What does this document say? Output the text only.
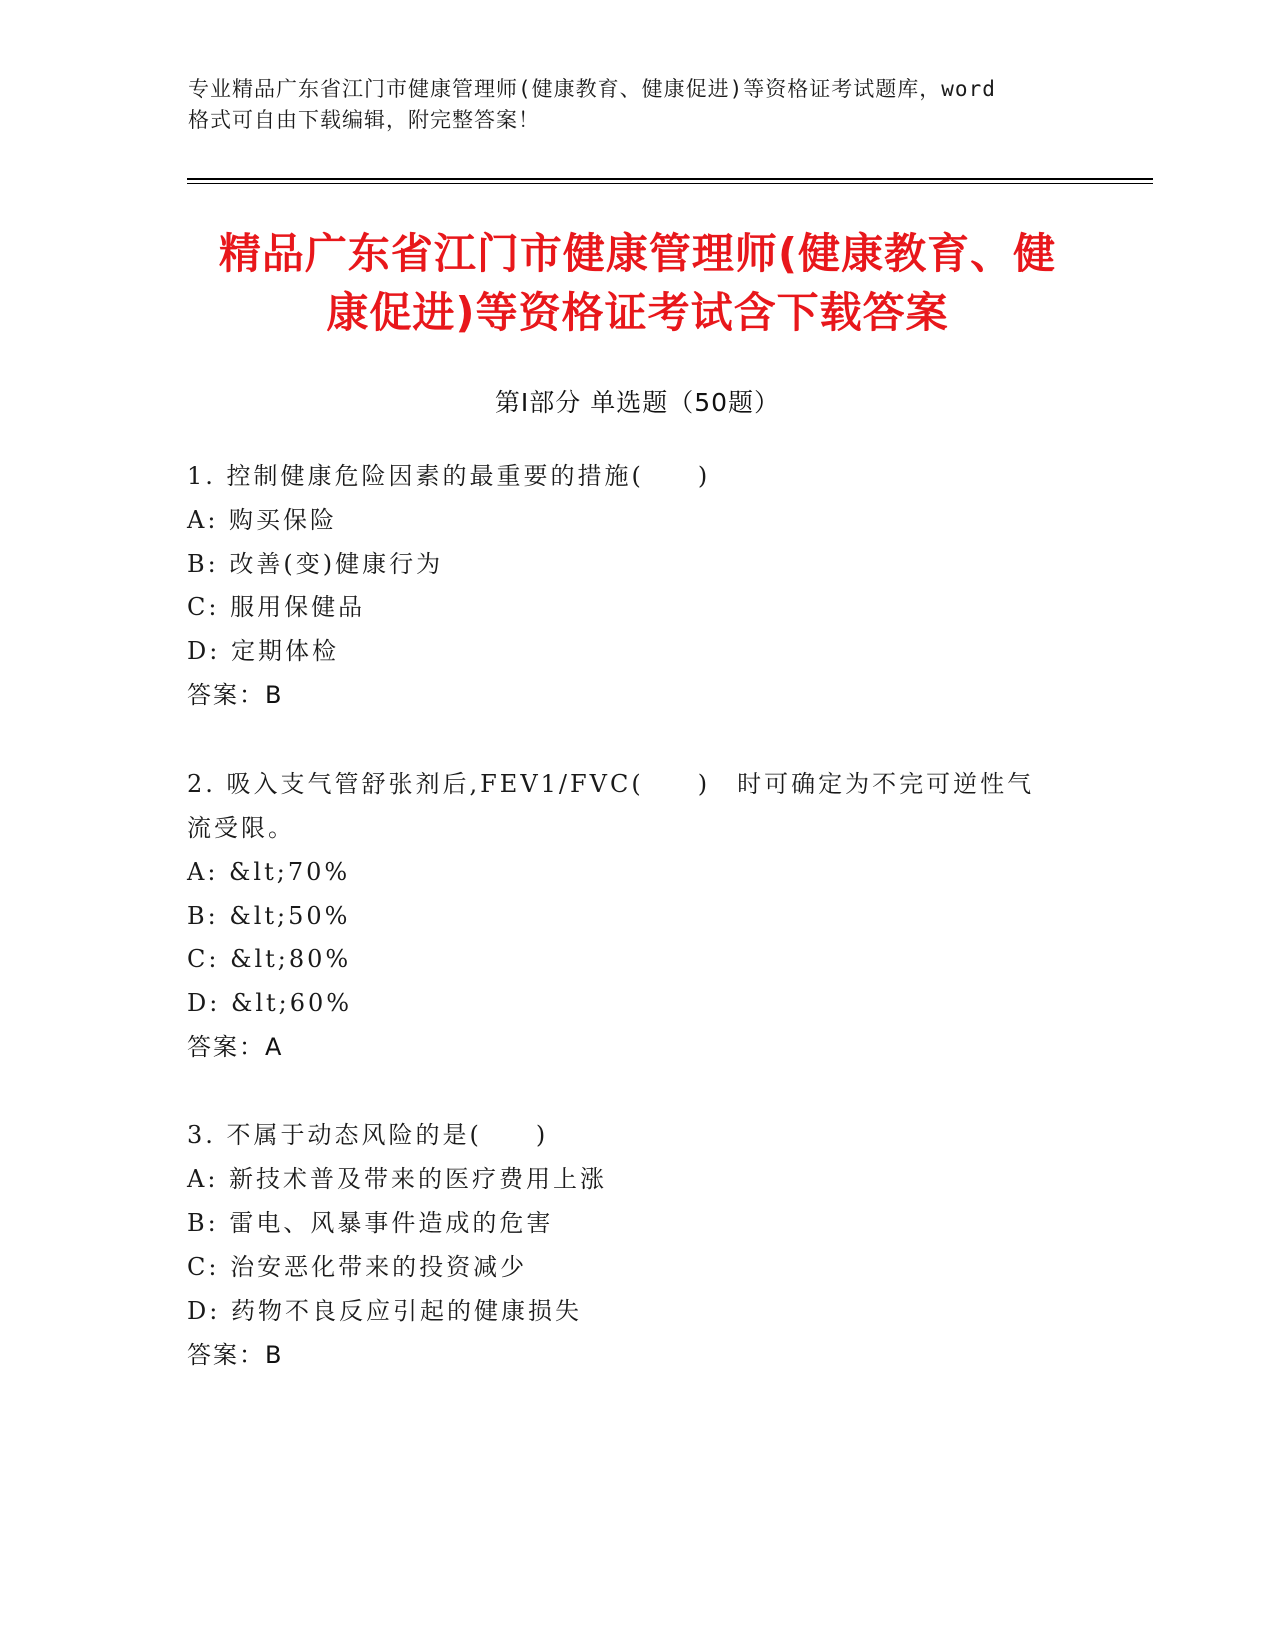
专业精品广东省江门市健康管理师(健康教育、健康促进)等资格证考试题库，word
格式可自由下载编辑，附完整答案！
精品广东省江门市健康管理师(健康教育、健
康促进)等资格证考试含下载答案
第Ⅰ部分 单选题（50题）
1. 控制健康危险因素的最重要的措施(　　)
A: 购买保险
B: 改善(变)健康行为
C: 服用保健品
D: 定期体检
答案：B
2. 吸入支气管舒张剂后,FEV1/FVC(　　)　时可确定为不完可逆性气
流受限。
A: &lt;70%
B: &lt;50%
C: &lt;80%
D: &lt;60%
答案：A
3. 不属于动态风险的是(　　)
A: 新技术普及带来的医疗费用上涨
B: 雷电、风暴事件造成的危害
C: 治安恶化带来的投资减少
D: 药物不良反应引起的健康损失
答案：B
